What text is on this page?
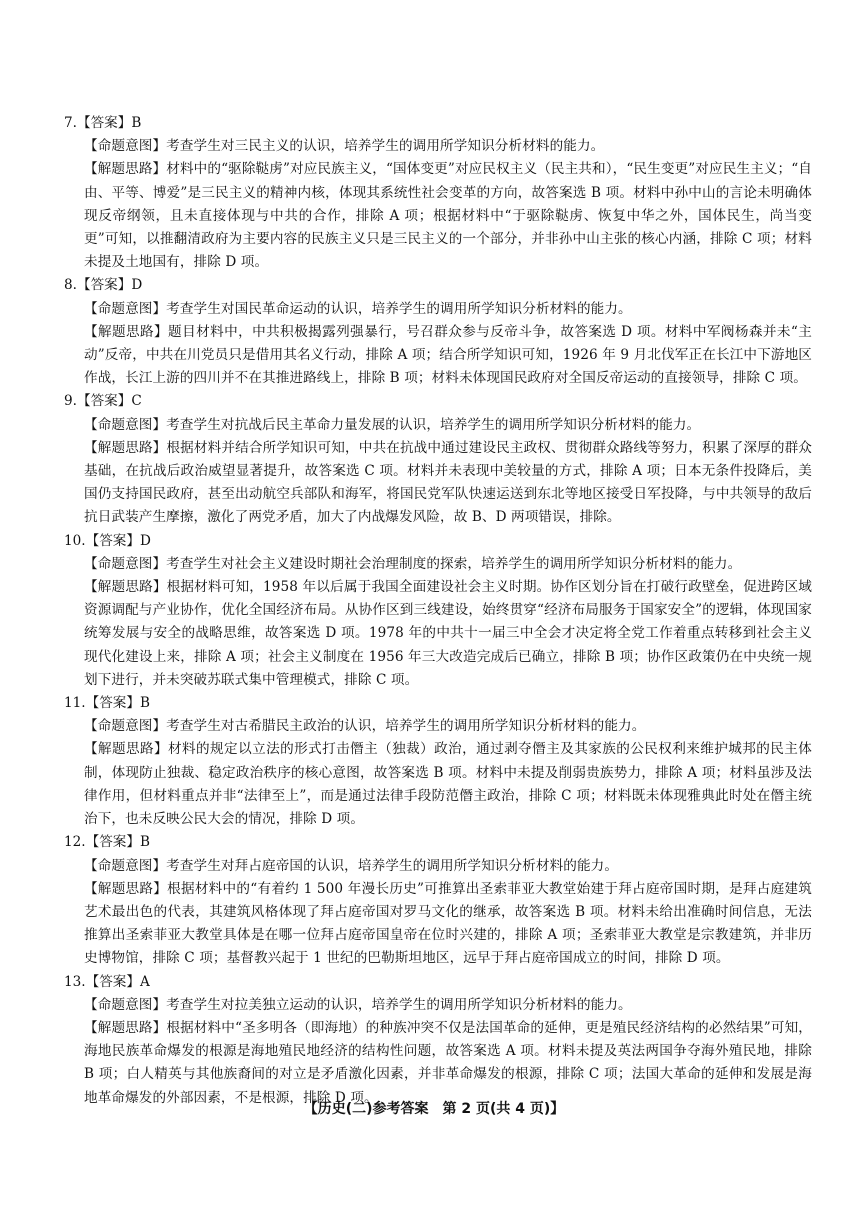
7.【答案】B
【命题意图】考查学生对三民主义的认识，培养学生的调用所学知识分析材料的能力。
【解题思路】材料中的“驱除鞑虏”对应民族主义，“国体变更”对应民权主义（民主共和），“民生变更”对应民生主义；“自由、平等、博爱”是三民主义的精神内核，体现其系统性社会变革的方向，故答案选 B 项。材料中孙中山的言论未明确体现反帝纲领，且未直接体现与中共的合作，排除 A 项；根据材料中“于驱除鞑虏、恢复中华之外，国体民生，尚当变更”可知，以推翻清政府为主要内容的民族主义只是三民主义的一个部分，并非孙中山主张的核心内涵，排除 C 项；材料未提及土地国有，排除 D 项。
8.【答案】D
【命题意图】考查学生对国民革命运动的认识，培养学生的调用所学知识分析材料的能力。
【解题思路】题目材料中，中共积极揭露列强暴行，号召群众参与反帝斗争，故答案选 D 项。材料中军阀杨森并未“主动”反帝，中共在川党员只是借用其名义行动，排除 A 项；结合所学知识可知，1926 年 9 月北伐军正在长江中下游地区作战，长江上游的四川并不在其推进路线上，排除 B 项；材料未体现国民政府对全国反帝运动的直接领导，排除 C 项。
9.【答案】C
【命题意图】考查学生对抗战后民主革命力量发展的认识，培养学生的调用所学知识分析材料的能力。
【解题思路】根据材料并结合所学知识可知，中共在抗战中通过建设民主政权、贯彻群众路线等努力，积累了深厚的群众基础，在抗战后政治威望显著提升，故答案选 C 项。材料并未表现中美较量的方式，排除 A 项；日本无条件投降后，美国仍支持国民政府，甚至出动航空兵部队和海军，将国民党军队快速运送到东北等地区接受日军投降，与中共领导的敌后抗日武装产生摩擦，激化了两党矛盾，加大了内战爆发风险，故 B、D 两项错误，排除。
10.【答案】D
【命题意图】考查学生对社会主义建设时期社会治理制度的探索，培养学生的调用所学知识分析材料的能力。
【解题思路】根据材料可知，1958 年以后属于我国全面建设社会主义时期。协作区划分旨在打破行政壁垒，促进跨区域资源调配与产业协作，优化全国经济布局。从协作区到三线建设，始终贯穿“经济布局服务于国家安全”的逻辑，体现国家统筹发展与安全的战略思维，故答案选 D 项。1978 年的中共十一届三中全会才决定将全党工作着重点转移到社会主义现代化建设上来，排除 A 项；社会主义制度在 1956 年三大改造完成后已确立，排除 B 项；协作区政策仍在中央统一规划下进行，并未突破苏联式集中管理模式，排除 C 项。
11.【答案】B
【命题意图】考查学生对古希腊民主政治的认识，培养学生的调用所学知识分析材料的能力。
【解题思路】材料的规定以立法的形式打击僭主（独裁）政治，通过剥夺僭主及其家族的公民权利来维护城邦的民主体制，体现防止独裁、稳定政治秩序的核心意图，故答案选 B 项。材料中未提及削弱贵族势力，排除 A 项；材料虽涉及法律作用，但材料重点并非“法律至上”，而是通过法律手段防范僭主政治，排除 C 项；材料既未体现雅典此时处在僭主统治下，也未反映公民大会的情况，排除 D 项。
12.【答案】B
【命题意图】考查学生对拜占庭帝国的认识，培养学生的调用所学知识分析材料的能力。
【解题思路】根据材料中的“有着约 1 500 年漫长历史”可推算出圣索菲亚大教堂始建于拜占庭帝国时期，是拜占庭建筑艺术最出色的代表，其建筑风格体现了拜占庭帝国对罗马文化的继承，故答案选 B 项。材料未给出准确时间信息，无法推算出圣索菲亚大教堂具体是在哪一位拜占庭帝国皇帝在位时兴建的，排除 A 项；圣索菲亚大教堂是宗教建筑，并非历史博物馆，排除 C 项；基督教兴起于 1 世纪的巴勒斯坦地区，远早于拜占庭帝国成立的时间，排除 D 项。
13.【答案】A
【命题意图】考查学生对拉美独立运动的认识，培养学生的调用所学知识分析材料的能力。
【解题思路】根据材料中“圣多明各（即海地）的种族冲突不仅是法国革命的延伸，更是殖民经济结构的必然结果”可知，海地民族革命爆发的根源是海地殖民地经济的结构性问题，故答案选 A 项。材料未提及英法两国争夺海外殖民地，排除 B 项；白人精英与其他族裔间的对立是矛盾激化因素，并非革命爆发的根源，排除 C 项；法国大革命的延伸和发展是海地革命爆发的外部因素，不是根源，排除 D 项。
【历史(二)参考答案　第 2 页(共 4 页)】
